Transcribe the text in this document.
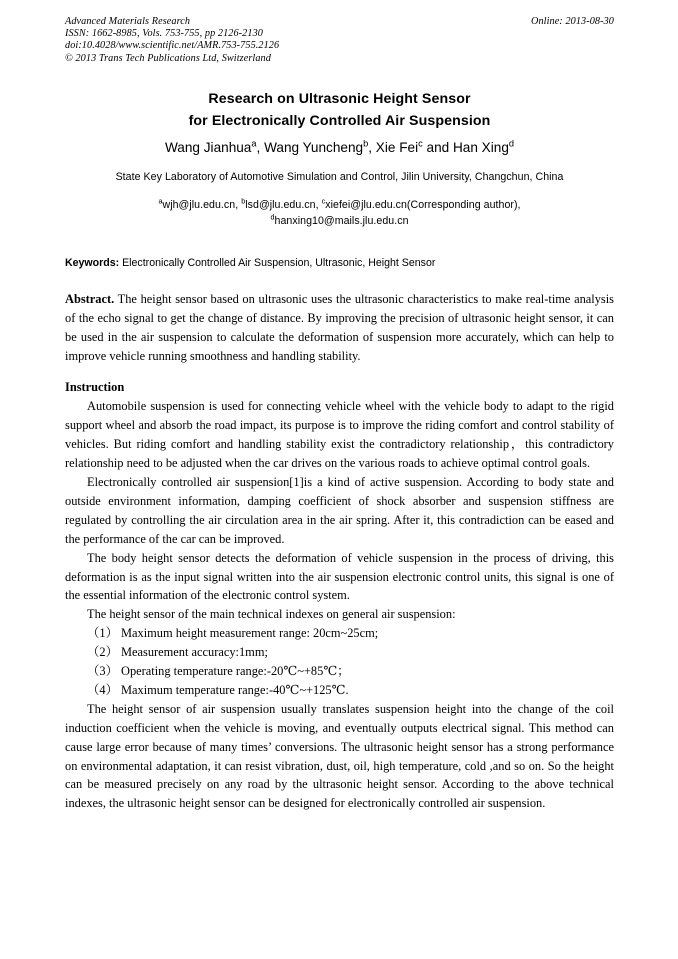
Online: 2013-08-30
Advanced Materials Research
ISSN: 1662-8985, Vols. 753-755, pp 2126-2130
doi:10.4028/www.scientific.net/AMR.753-755.2126
© 2013 Trans Tech Publications Ltd, Switzerland
Research on Ultrasonic Height Sensor
for Electronically Controlled Air Suspension
Wang Jianhua$^a$, Wang Yuncheng$^b$, Xie Fei$^c$ and Han Xing$^d$
State Key Laboratory of Automotive Simulation and Control, Jilin University, Changchun, China
$^a$wjh@jlu.edu.cn, $^b$lsd@jlu.edu.cn, $^c$xiefei@jlu.edu.cn(Corresponding author),
$^d$hanxing10@mails.jlu.edu.cn
Keywords: Electronically Controlled Air Suspension, Ultrasonic, Height Sensor

Abstract. The height sensor based on ultrasonic uses the ultrasonic characteristics to make real-time analysis of the echo signal to get the change of distance. By improving the precision of ultrasonic height sensor, it can be used in the air suspension to calculate the deformation of suspension more accurately, which can help to improve vehicle running smoothness and handling stability.

Instruction

Automobile suspension is used for connecting vehicle wheel with the vehicle body to adapt to the rigid support wheel and absorb the road impact, its purpose is to improve the riding comfort and control stability of vehicles. But riding comfort and handling stability exist the contradictory relationship，this contradictory relationship need to be adjusted when the car drives on the various roads to achieve optimal control goals.

Electronically controlled air suspension[1]is a kind of active suspension. According to body state and outside environment information, damping coefficient of shock absorber and suspension stiffness are regulated by controlling the air circulation area in the air spring. After it, this contradiction can be eased and the performance of the car can be improved.

The body height sensor detects the deformation of vehicle suspension in the process of driving, this deformation is as the input signal written into the air suspension electronic control units, this signal is one of the essential information of the electronic control system.

The height sensor of the main technical indexes on general air suspension:

（1） Maximum height measurement range: 20cm~25cm;
（2） Measurement accuracy:1mm;
（3） Operating temperature range:-20℃~+85℃；
（4） Maximum temperature range:-40℃~+125℃.

The height sensor of air suspension usually translates suspension height into the change of the coil induction coefficient when the vehicle is moving, and eventually outputs electrical signal. This method can cause large error because of many times’ conversions. The ultrasonic height sensor has a strong performance on environmental adaptation, it can resist vibration, dust, oil, high temperature, cold ,and so on. So the height can be measured precisely on any road by the ultrasonic height sensor. According to the above technical indexes, the ultrasonic height sensor can be designed for electronically controlled air suspension.
